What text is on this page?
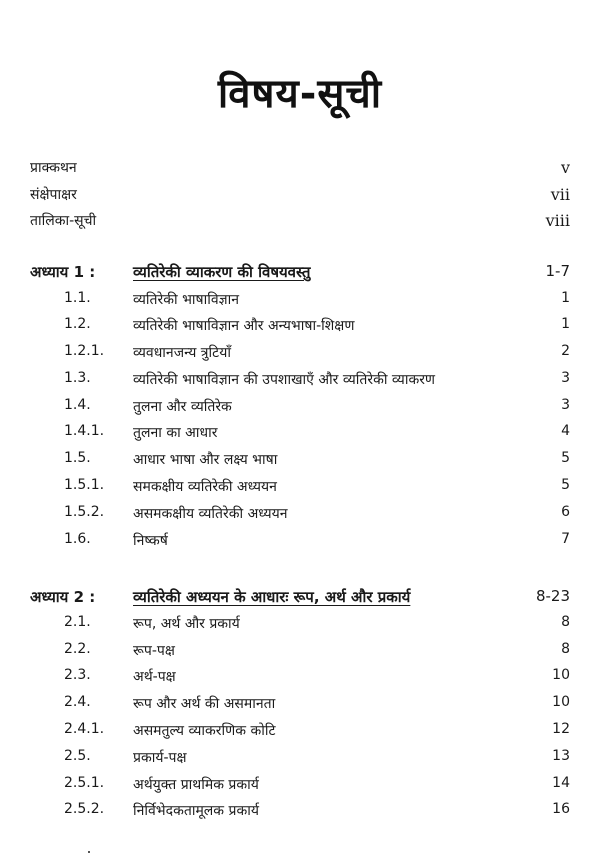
विषय-सूची
प्राक्कथन	v
संक्षेपाक्षर	vii
तालिका-सूची	viii
अध्याय 1 :	व्यतिरेकी व्याकरण की विषयवस्तु	1-7
1.1.	व्यतिरेकी भाषाविज्ञान	1
1.2.	व्यतिरेकी भाषाविज्ञान और अन्यभाषा-शिक्षण	1
1.2.1. व्यवधानजन्य त्रुटियाँ	2
1.3.	व्यतिरेकी भाषाविज्ञान की उपशाखाएँ और व्यतिरेकी व्याकरण	3
1.4.	तुलना और व्यतिरेक	3
1.4.1. तुलना का आधार	4
1.5.	आधार भाषा और लक्ष्य भाषा	5
1.5.1. समकक्षीय व्यतिरेकी अध्ययन	5
1.5.2. असमकक्षीय व्यतिरेकी अध्ययन	6
1.6.	निष्कर्ष	7
अध्याय 2 :	व्यतिरेकी अध्ययन के आधारः रूप, अर्थ और प्रकार्य	8-23
2.1.	रूप, अर्थ और प्रकार्य	8
2.2.	रूप-पक्ष	8
2.3.	अर्थ-पक्ष	10
2.4.	रूप और अर्थ की असमानता	10
2.4.1. असमतुल्य व्याकरणिक कोटि	12
2.5.	प्रकार्य-पक्ष	13
2.5.1. अर्थयुक्त प्राथमिक प्रकार्य	14
2.5.2. निर्विभेदकतामूलक प्रकार्य	16
